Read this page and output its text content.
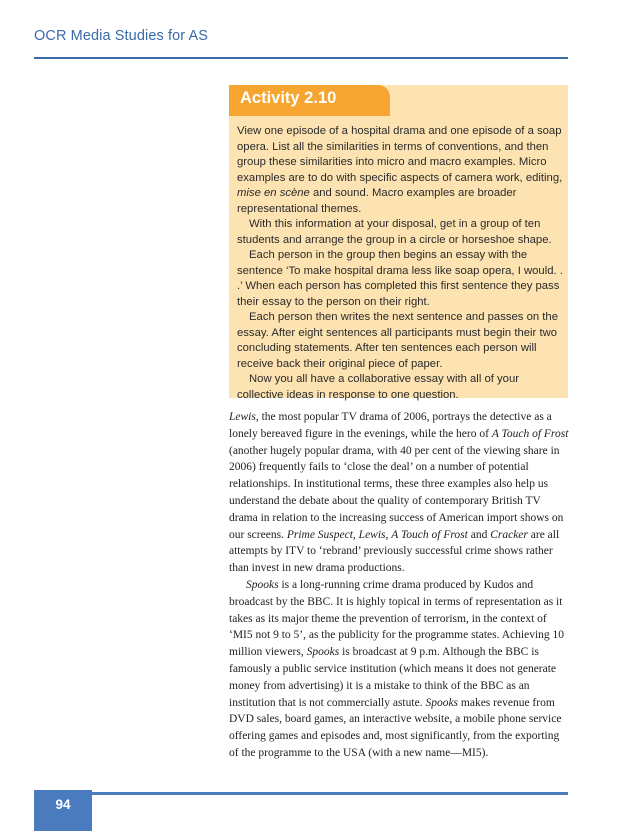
OCR Media Studies for AS
Activity 2.10

View one episode of a hospital drama and one episode of a soap opera. List all the similarities in terms of conventions, and then group these similarities into micro and macro examples. Micro examples are to do with specific aspects of camera work, editing, mise en scène and sound. Macro examples are broader representational themes.

With this information at your disposal, get in a group of ten students and arrange the group in a circle or horseshoe shape.

Each person in the group then begins an essay with the sentence ‘To make hospital drama less like soap opera, I would. . .’ When each person has completed this first sentence they pass their essay to the person on their right.

Each person then writes the next sentence and passes on the essay. After eight sentences all participants must begin their two concluding statements. After ten sentences each person will receive back their original piece of paper.

Now you all have a collaborative essay with all of your collective ideas in response to one question.

Lewis, the most popular TV drama of 2006, portrays the detective as a lonely bereaved figure in the evenings, while the hero of A Touch of Frost (another hugely popular drama, with 40 per cent of the viewing share in 2006) frequently fails to ‘close the deal’ on a number of potential relationships. In institutional terms, these three examples also help us understand the debate about the quality of contemporary British TV drama in relation to the increasing success of American import shows on our screens. Prime Suspect, Lewis, A Touch of Frost and Cracker are all attempts by ITV to ‘rebrand’ previously successful crime shows rather than invest in new drama productions.

Spooks is a long-running crime drama produced by Kudos and broadcast by the BBC. It is highly topical in terms of representation as it takes as its major theme the prevention of terrorism, in the context of ‘MI5 not 9 to 5’, as the publicity for the programme states. Achieving 10 million viewers, Spooks is broadcast at 9 p.m. Although the BBC is famously a public service institution (which means it does not generate money from advertising) it is a mistake to think of the BBC as an institution that is not commercially astute. Spooks makes revenue from DVD sales, board games, an interactive website, a mobile phone service offering games and episodes and, most significantly, from the exporting of the programme to the USA (with a new name—MI5).

94
